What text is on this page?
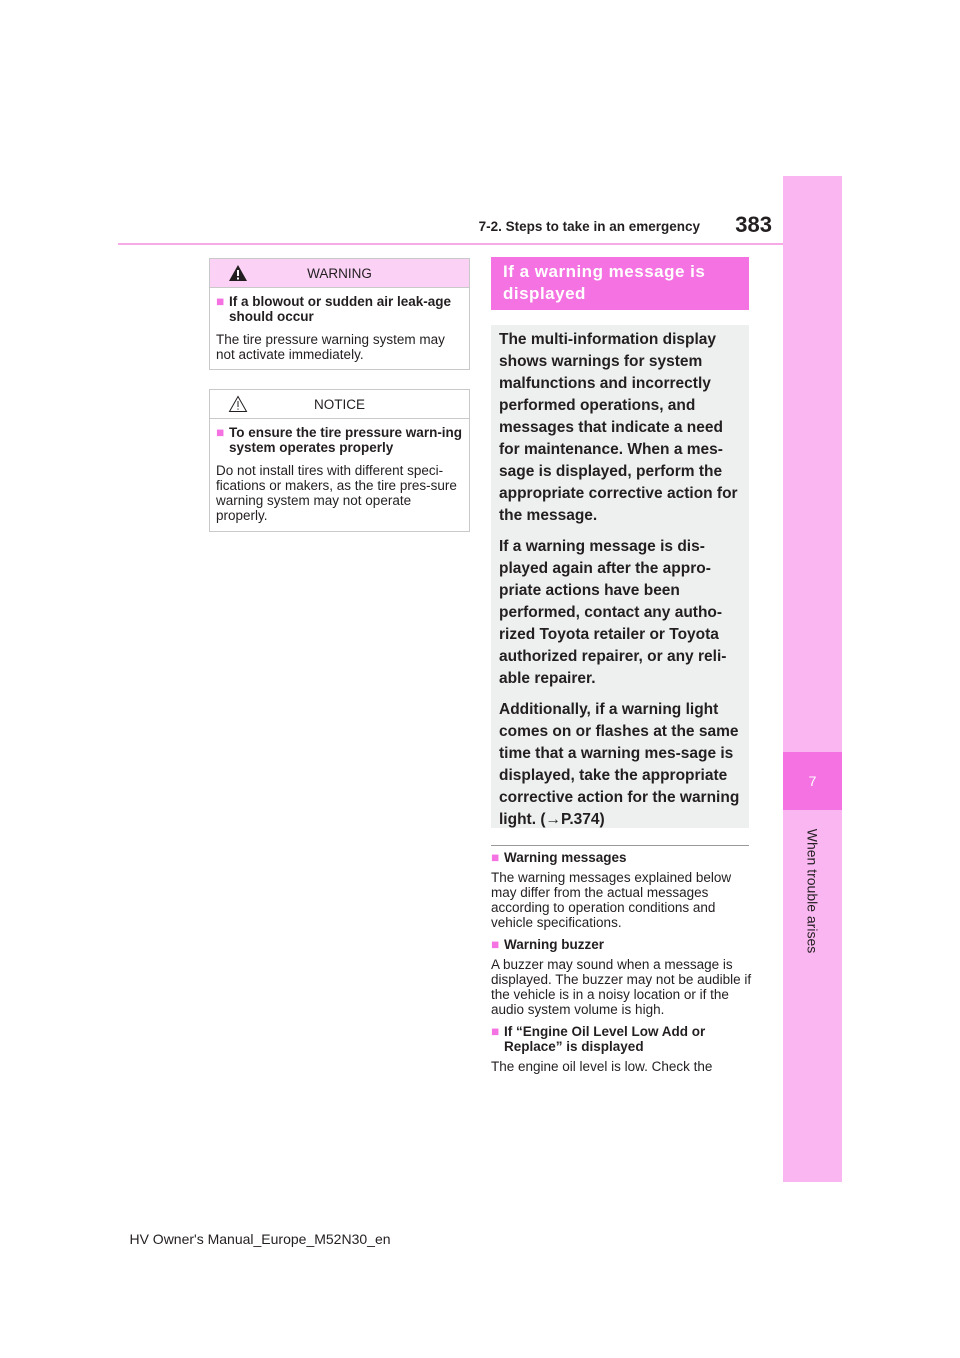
7
When trouble arises
7-2. Steps to take in an emergency	383
WARNING
■ If a blowout or sudden air leak-age should occur
The tire pressure warning system may not activate immediately.
NOTICE
■ To ensure the tire pressure warn-ing system operates properly
Do not install tires with different speci-fications or makers, as the tire pres-sure warning system may not operate properly.
If a warning message is displayed

The multi-information display shows warnings for system malfunctions and incorrectly performed operations, and messages that indicate a need for maintenance. When a mes-sage is displayed, perform the appropriate corrective action for the message.

If a warning message is dis-played again after the appro-priate actions have been performed, contact any autho-rized Toyota retailer or Toyota authorized repairer, or any reli-able repairer.

Additionally, if a warning light comes on or flashes at the same time that a warning mes-sage is displayed, take the appropriate corrective action for the warning light. (→P.374)

■ Warning messages
The warning messages explained below may differ from the actual messages according to operation conditions and vehicle specifications.
■ Warning buzzer
A buzzer may sound when a message is displayed. The buzzer may not be audible if the vehicle is in a noisy location or if the audio system volume is high.
■ If “Engine Oil Level Low Add or Replace” is displayed
The engine oil level is low. Check the
HV Owner's Manual_Europe_M52N30_en
